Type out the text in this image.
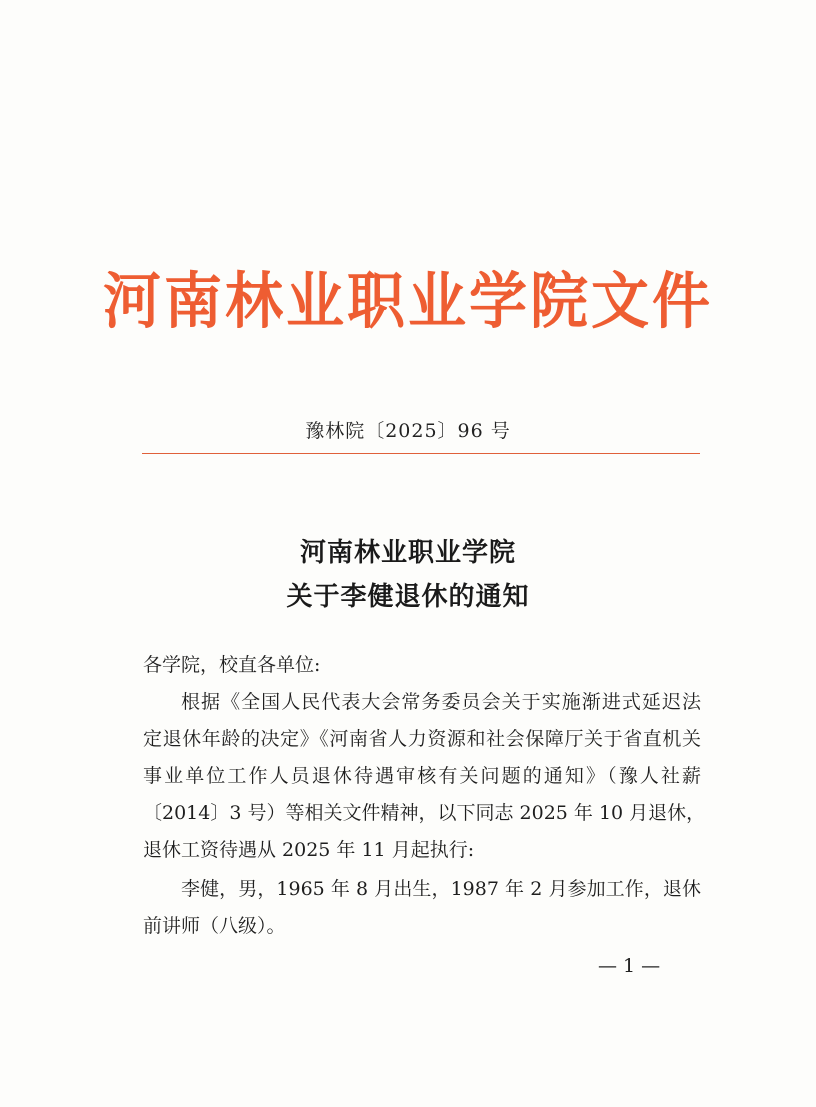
河南林业职业学院文件
豫林院〔2025〕96 号
河南林业职业学院
关于李健退休的通知
各学院，校直各单位:
根据《全国人民代表大会常务委员会关于实施渐进式延迟法
定退休年龄的决定》《河南省人力资源和社会保障厅关于省直机关
事业单位工作人员退休待遇审核有关问题的通知》（豫人社薪
〔2014〕3 号）等相关文件精神，以下同志 2025 年 10 月退休，
退休工资待遇从 2025 年 11 月起执行:
李健，男，1965 年 8 月出生，1987 年 2 月参加工作，退休
前讲师（八级）。
— 1 —
